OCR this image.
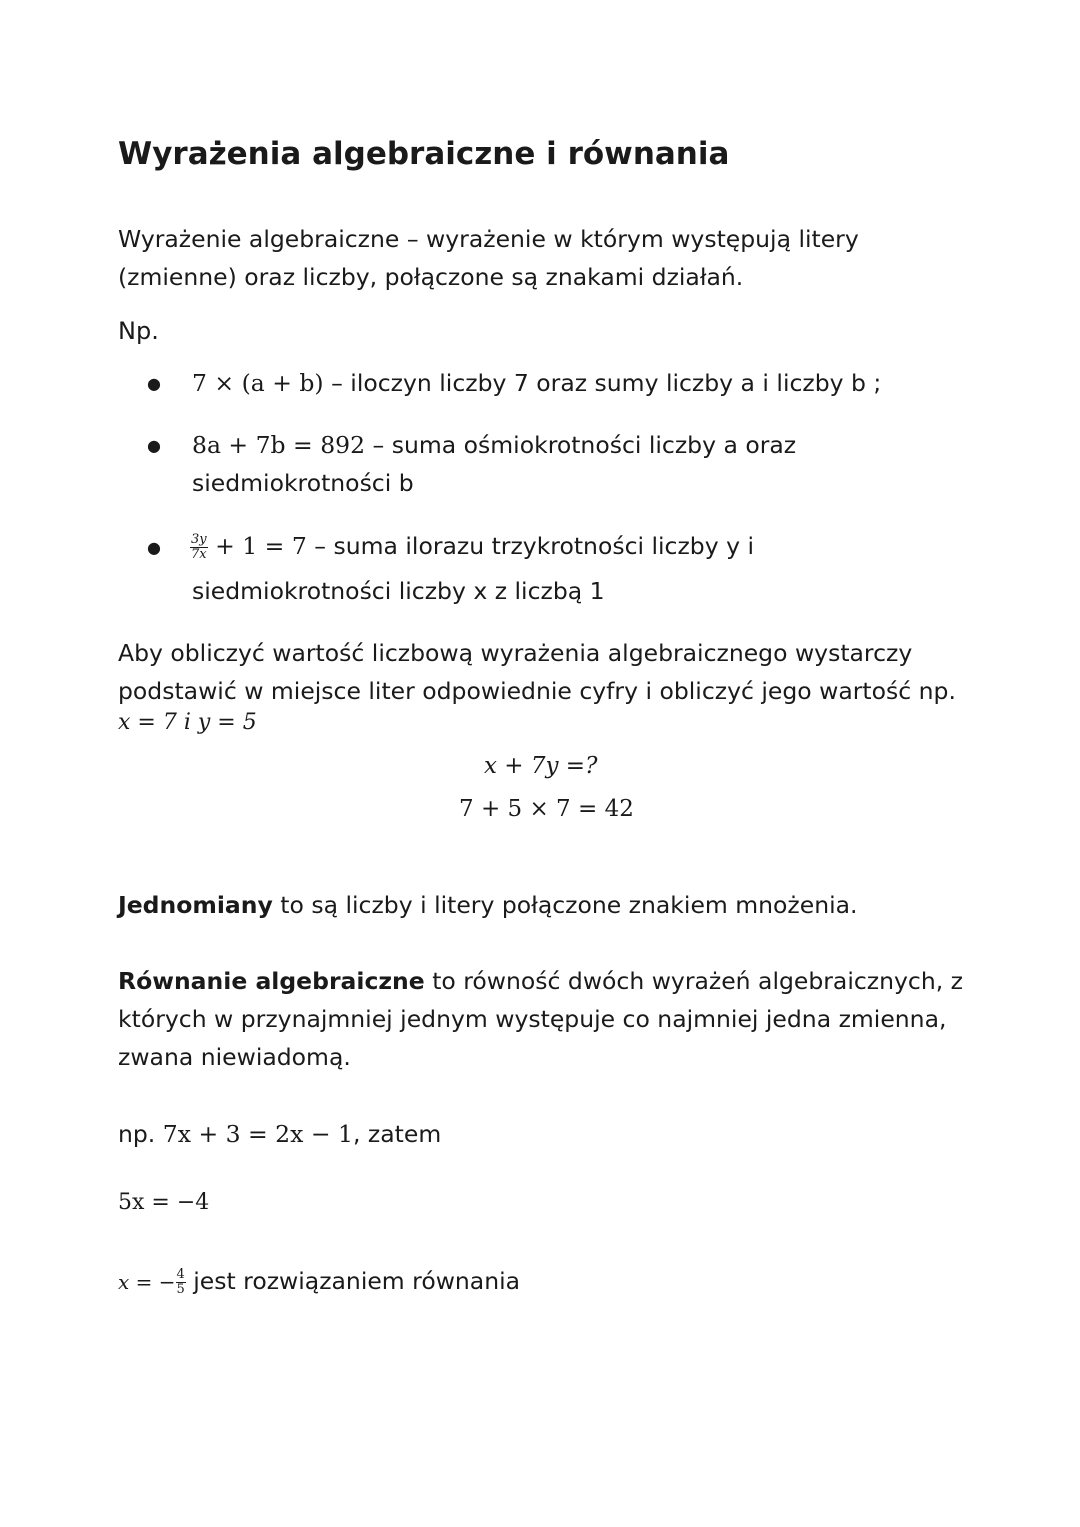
Wyrażenia algebraiczne i równania
Wyrażenie algebraiczne – wyrażenie w którym występują litery
(zmienne) oraz liczby, połączone są znakami działań.
Np.
● 7 × (a + b) – iloczyn liczby 7 oraz sumy liczby a i liczby b ;
● 8a + 7b = 892 – suma ośmiokrotności liczby a oraz
siedmiokrotności b
● $\frac{3y}{7x} + 1 = 7$ – suma ilorazu trzykrotności liczby y i
siedmiokrotności liczby x z liczbą 1
Aby obliczyć wartość liczbową wyrażenia algebraicznego wystarczy
podstawić w miejsce liter odpowiednie cyfry i obliczyć jego wartość np.
x = 7 i y = 5
x + 7y =?
7 + 5 × 7 = 42
Jednomiany to są liczby i litery połączone znakiem mnożenia.
Równanie algebraiczne to równość dwóch wyrażeń algebraicznych, z
których w przynajmniej jednym występuje co najmniej jedna zmienna,
zwana niewiadomą.
np. 7x + 3 = 2x − 1, zatem
5x = −4
x = − $\frac{4}{5}$ jest rozwiązaniem równania
